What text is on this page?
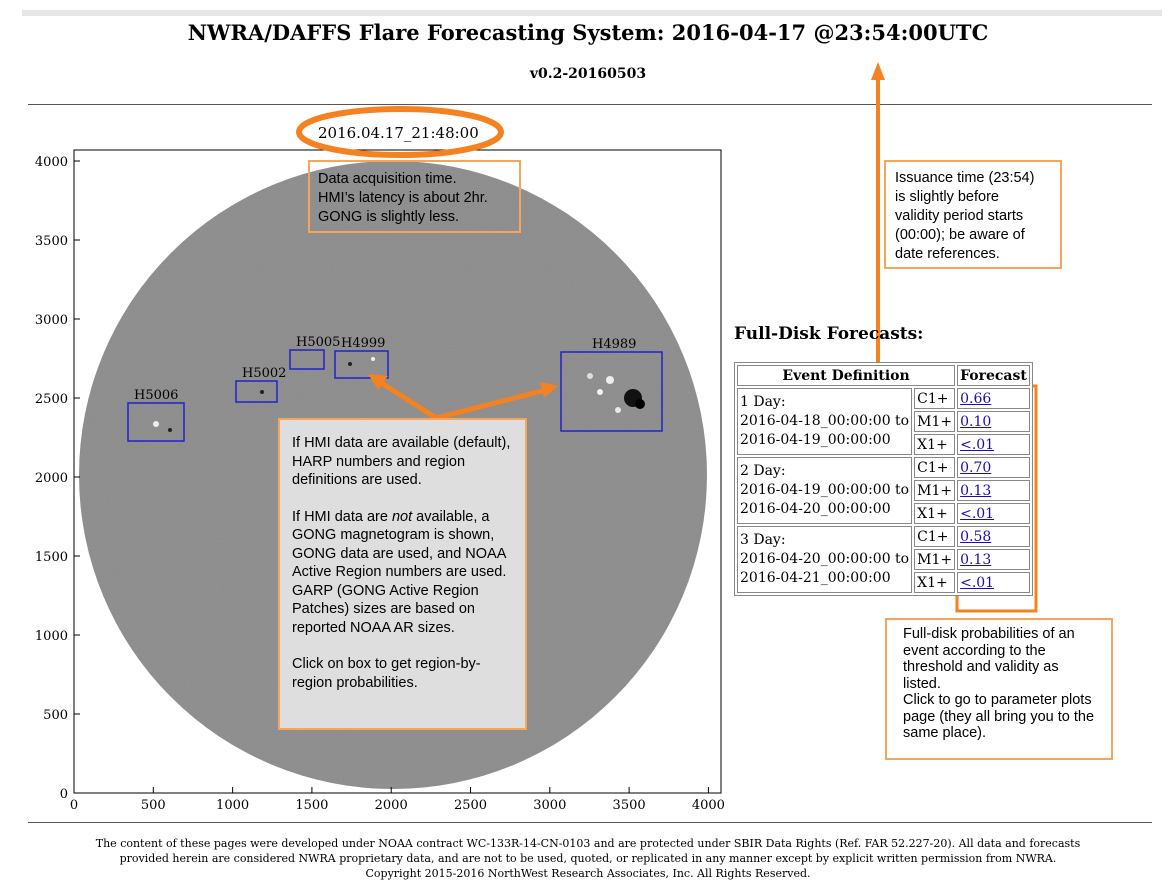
NWRA/DAFFS Flare Forecasting System: 2016-04-17 @23:54:00UTC
v0.2-20160503
H5006
H5002
H5005 H4999	H4989
0	500	1000	1500	2000	2500	3000	3500	4000
0
500
1000
1500
2000
2500
3000
3500
4000
2016.04.17_21:48:00
Data acquisition time.
HMI’s latency is about 2hr.
GONG is slightly less.
Issuance time (23:54)
is slightly before
validity period starts
(00:00); be aware of
date references.
If HMI data are available (default), HARP numbers and region definitions are used.
If HMI data are not available, a GONG magnetogram is shown, GONG data are used, and NOAA Active Region numbers are used. GARP (GONG Active Region Patches) sizes are based on reported NOAA AR sizes.
Click on box to get region-by-region probabilities.
Full-disk probabilities of an event according to the threshold and validity as listed.
Click to go to parameter plots page (they all bring you to the same place).
Full-Disk Forecasts:
Event Definition		Forecast
1 Day:
2016-04-18_00:00:00 to
2016-04-19_00:00:00	C1+	0.66
	M1+	0.10
	X1+	<.01
2 Day:
2016-04-19_00:00:00 to
2016-04-20_00:00:00	C1+	0.70
	M1+	0.13
	X1+	<.01
3 Day:
2016-04-20_00:00:00 to
2016-04-21_00:00:00	C1+	0.58
	M1+	0.13
	X1+	<.01
The content of these pages were developed under NOAA contract WC-133R-14-CN-0103 and are protected under SBIR Data Rights (Ref. FAR 52.227-20). All data and forecasts
provided herein are considered NWRA proprietary data, and are not to be used, quoted, or replicated in any manner except by explicit written permission from NWRA.
Copyright 2015-2016 NorthWest Research Associates, Inc. All Rights Reserved.
